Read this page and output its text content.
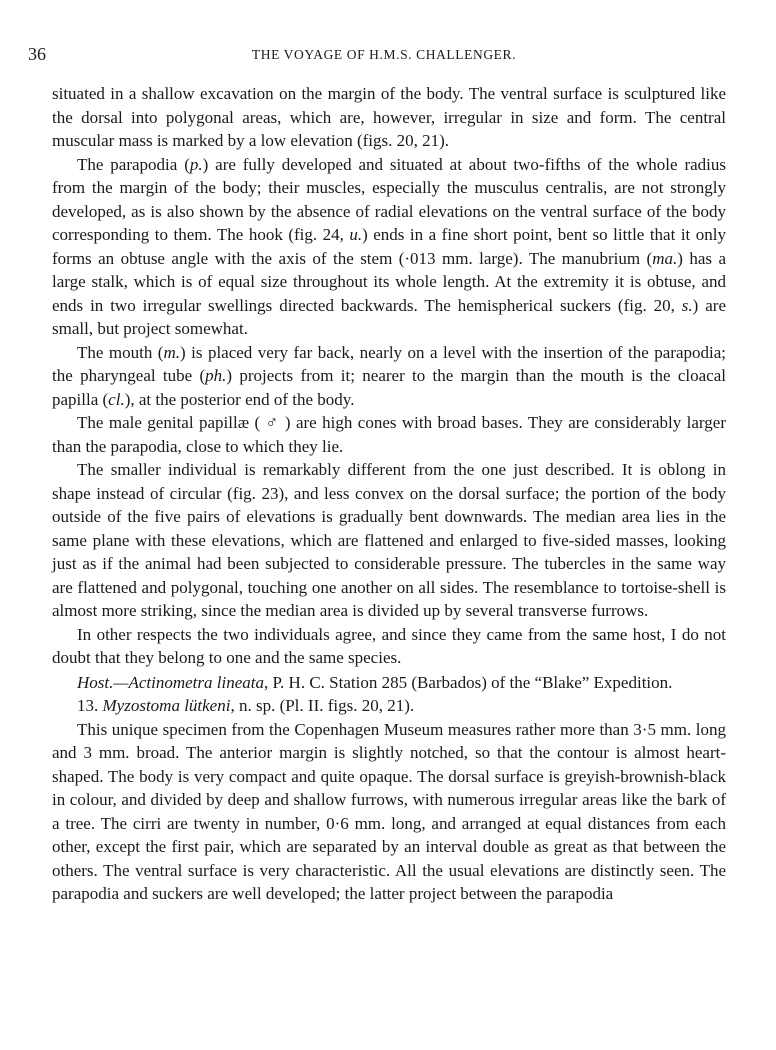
36	THE VOYAGE OF H.M.S. CHALLENGER.

situated in a shallow excavation on the margin of the body. The ventral surface is sculptured like the dorsal into polygonal areas, which are, however, irregular in size and form. The central muscular mass is marked by a low elevation (figs. 20, 21).

The parapodia (p.) are fully developed and situated at about two-fifths of the whole radius from the margin of the body; their muscles, especially the musculus centralis, are not strongly developed, as is also shown by the absence of radial elevations on the ventral surface of the body corresponding to them. The hook (fig. 24, u.) ends in a fine short point, bent so little that it only forms an obtuse angle with the axis of the stem (·013 mm. large). The manubrium (ma.) has a large stalk, which is of equal size throughout its whole length. At the extremity it is obtuse, and ends in two irregular swellings directed backwards. The hemispherical suckers (fig. 20, s.) are small, but project somewhat.

The mouth (m.) is placed very far back, nearly on a level with the insertion of the parapodia; the pharyngeal tube (ph.) projects from it; nearer to the margin than the mouth is the cloacal papilla (cl.), at the posterior end of the body.

The male genital papillæ ( ♂ ) are high cones with broad bases. They are considerably larger than the parapodia, close to which they lie.

The smaller individual is remarkably different from the one just described. It is oblong in shape instead of circular (fig. 23), and less convex on the dorsal surface; the portion of the body outside of the five pairs of elevations is gradually bent downwards. The median area lies in the same plane with these elevations, which are flattened and enlarged to five-sided masses, looking just as if the animal had been subjected to considerable pressure. The tubercles in the same way are flattened and polygonal, touching one another on all sides. The resemblance to tortoise-shell is almost more striking, since the median area is divided up by several transverse furrows.

In other respects the two individuals agree, and since they came from the same host, I do not doubt that they belong to one and the same species.

Host.—Actinometra lineata, P. H. C. Station 285 (Barbados) of the “Blake” Expedition.

13. Myzostoma lütkeni, n. sp. (Pl. II. figs. 20, 21).

This unique specimen from the Copenhagen Museum measures rather more than 3·5 mm. long and 3 mm. broad. The anterior margin is slightly notched, so that the contour is almost heart-shaped. The body is very compact and quite opaque. The dorsal surface is greyish-brownish-black in colour, and divided by deep and shallow furrows, with numerous irregular areas like the bark of a tree. The cirri are twenty in number, 0·6 mm. long, and arranged at equal distances from each other, except the first pair, which are separated by an interval double as great as that between the others. The ventral surface is very characteristic. All the usual elevations are distinctly seen. The parapodia and suckers are well developed; the latter project between the parapodia
